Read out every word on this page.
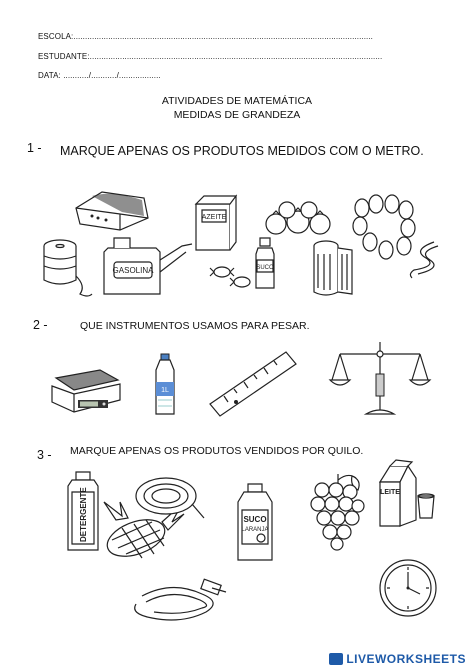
ESCOLA:.................................................................................................................................
ESTUDANTE:..............................................................................................................................
DATA: .........../.........../..................
ATIVIDADES DE MATEMÁTICA
MEDIDAS DE GRANDEZA
1 - MARQUE APENAS OS PRODUTOS MEDIDOS COM O METRO.
AZEITE
GASOLINA	SUCO
2 -	QUE INSTRUMENTOS USAMOS PARA PESAR.
1L
3 - MARQUE APENAS OS PRODUTOS VENDIDOS POR QUILO.
DETERGENTE	SUCO
LARANJA
LEITE
LIVEWORKSHEETS
